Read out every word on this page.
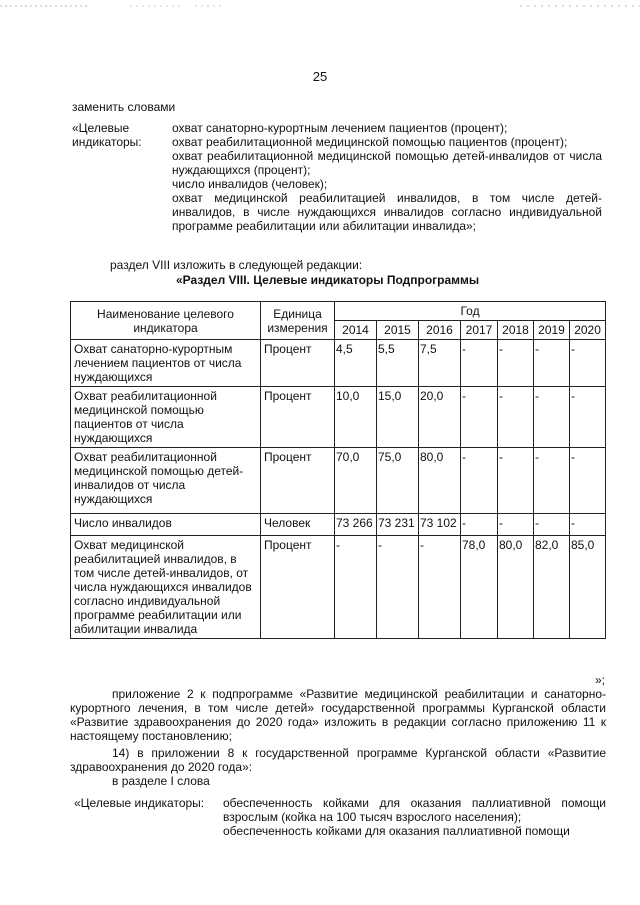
25
заменить словами
«Целевые
индикаторы:
охват санаторно-курортным лечением пациентов (процент);
охват реабилитационной медицинской помощью пациентов (процент);
охват реабилитационной медицинской помощью детей-инвалидов от числа нуждающихся (процент);
число инвалидов (человек);
охват медицинской реабилитацией инвалидов, в том числе детей-инвалидов, в числе нуждающихся инвалидов согласно индивидуальной программе реабилитации или абилитации инвалида»;
раздел VIII изложить в следующей редакции:
«Раздел VIII. Целевые индикаторы Подпрограммы
Наименование целевого индикатора	Единица измерения	Год						
		2014	2015	2016	2017	2018	2019	2020
Охват санаторно-курортным лечением пациентов от числа нуждающихся	Процент	4,5	5,5	7,5	-	-	-	-
Охват реабилитационной медицинской помощью пациентов от числа нуждающихся	Процент	10,0	15,0	20,0	-	-	-	-
Охват реабилитационной медицинской помощью детей-инвалидов от числа нуждающихся	Процент	70,0	75,0	80,0	-	-	-	-
Число инвалидов	Человек	73 266	73 231	73 102	-	-	-	-
Охват медицинской реабилитацией инвалидов, в том числе детей-инвалидов, от числа нуждающихся инвалидов согласно индивидуальной программе реабилитации или абилитации инвалида	Процент	-	-	-	78,0	80,0	82,0	85,0
»;
приложение 2 к подпрограмме «Развитие медицинской реабилитации и санаторно-курортного лечения, в том числе детей» государственной программы Курганской области «Развитие здравоохранения до 2020 года» изложить в редакции согласно приложению 11 к настоящему постановлению;
14) в приложении 8 к государственной программе Курганской области «Развитие здравоохранения до 2020 года»:
в разделе I слова
«Целевые индикаторы: обеспеченность койками для оказания паллиативной помощи взрослым (койка на 100 тысяч взрослого населения);
обеспеченность койками для оказания паллиативной помощи
